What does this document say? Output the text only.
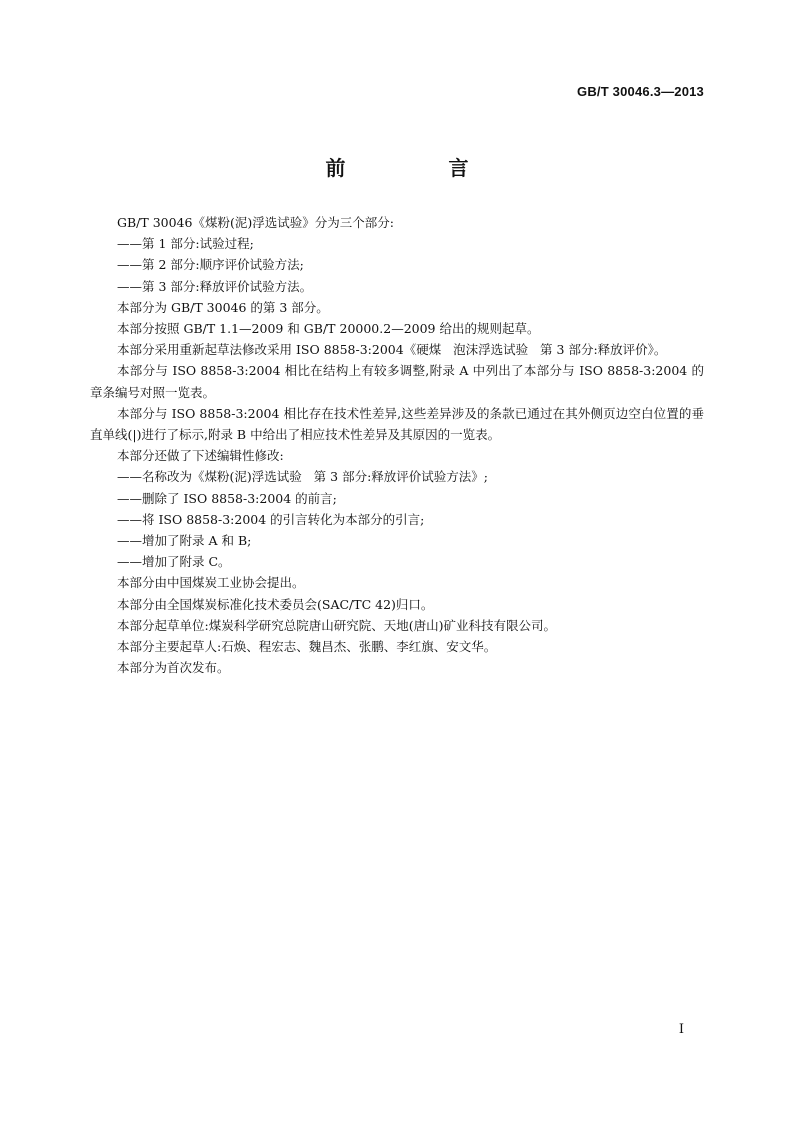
GB/T 30046.3—2013
前 言

GB/T 30046《煤粉(泥)浮选试验》分为三个部分:

——第 1 部分:试验过程;

——第 2 部分:顺序评价试验方法;

——第 3 部分:释放评价试验方法。

本部分为 GB/T 30046 的第 3 部分。

本部分按照 GB/T 1.1—2009 和 GB/T 20000.2—2009 给出的规则起草。

本部分采用重新起草法修改采用 ISO 8858-3:2004《硬煤   泡沫浮选试验   第 3 部分:释放评价》。

本部分与 ISO 8858-3:2004 相比在结构上有较多调整,附录 A 中列出了本部分与 ISO 8858-3:2004 的章条编号对照一览表。

本部分与 ISO 8858-3:2004 相比存在技术性差异,这些差异涉及的条款已通过在其外侧页边空白位置的垂直单线(|)进行了标示,附录 B 中给出了相应技术性差异及其原因的一览表。

本部分还做了下述编辑性修改:

——名称改为《煤粉(泥)浮选试验   第 3 部分:释放评价试验方法》;

——删除了 ISO 8858-3:2004 的前言;

——将 ISO 8858-3:2004 的引言转化为本部分的引言;

——增加了附录 A 和 B;

——增加了附录 C。

本部分由中国煤炭工业协会提出。

本部分由全国煤炭标准化技术委员会(SAC/TC 42)归口。

本部分起草单位:煤炭科学研究总院唐山研究院、天地(唐山)矿业科技有限公司。

本部分主要起草人:石焕、程宏志、魏昌杰、张鹏、李红旗、安文华。

本部分为首次发布。

I
